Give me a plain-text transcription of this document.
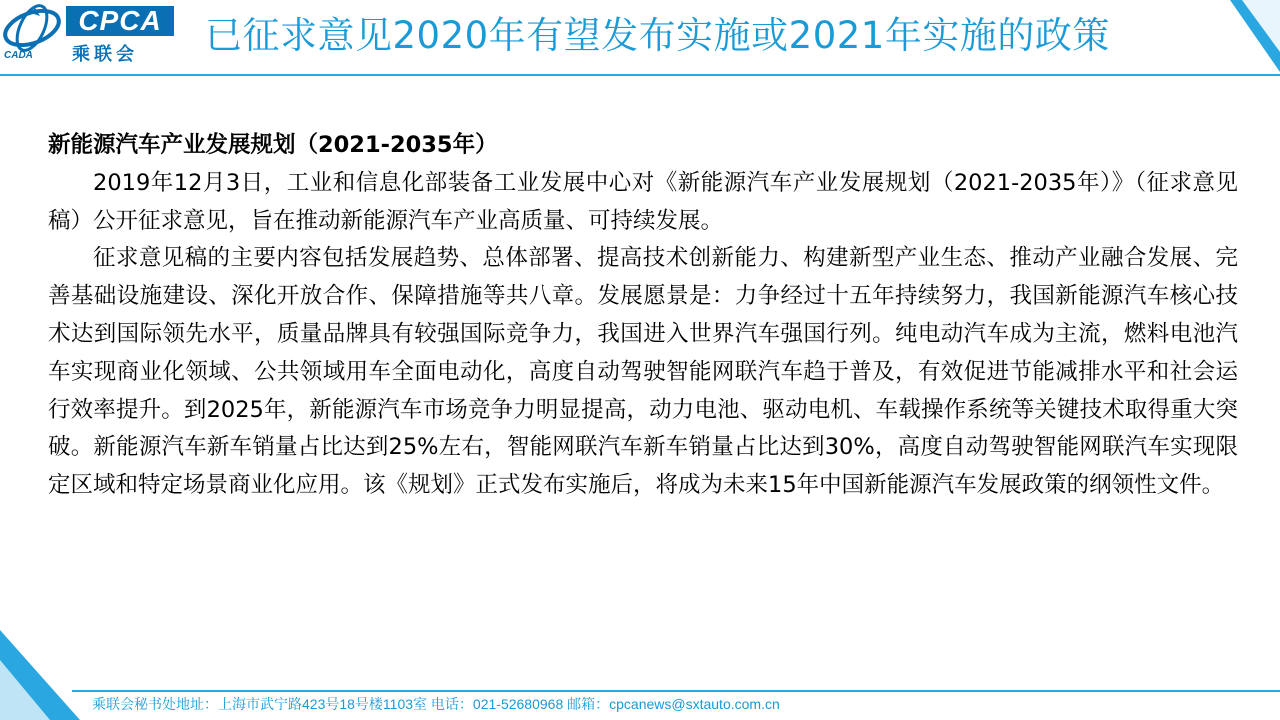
CADA
CPCA
乘联会	已征求意见2020年有望发布实施或2021年实施的政策

新能源汽车产业发展规划（2021-2035年）

2019年12月3日，工业和信息化部装备工业发展中心对《新能源汽车产业发展规划（2021-2035年）》（征求意见稿）公开征求意见，旨在推动新能源汽车产业高质量、可持续发展。

征求意见稿的主要内容包括发展趋势、总体部署、提高技术创新能力、构建新型产业生态、推动产业融合发展、完善基础设施建设、深化开放合作、保障措施等共八章。发展愿景是：力争经过十五年持续努力，我国新能源汽车核心技术达到国际领先水平，质量品牌具有较强国际竞争力，我国进入世界汽车强国行列。纯电动汽车成为主流，燃料电池汽车实现商业化领域、公共领域用车全面电动化，高度自动驾驶智能网联汽车趋于普及，有效促进节能减排水平和社会运行效率提升。到2025年，新能源汽车市场竞争力明显提高，动力电池、驱动电机、车载操作系统等关键技术取得重大突破。新能源汽车新车销量占比达到25%左右，智能网联汽车新车销量占比达到30%，高度自动驾驶智能网联汽车实现限定区域和特定场景商业化应用。该《规划》正式发布实施后，将成为未来15年中国新能源汽车发展政策的纲领性文件。

乘联会秘书处地址：上海市武宁路423号18号楼1103室 电话：021-52680968 邮箱：cpcanews@sxtauto.com.cn
